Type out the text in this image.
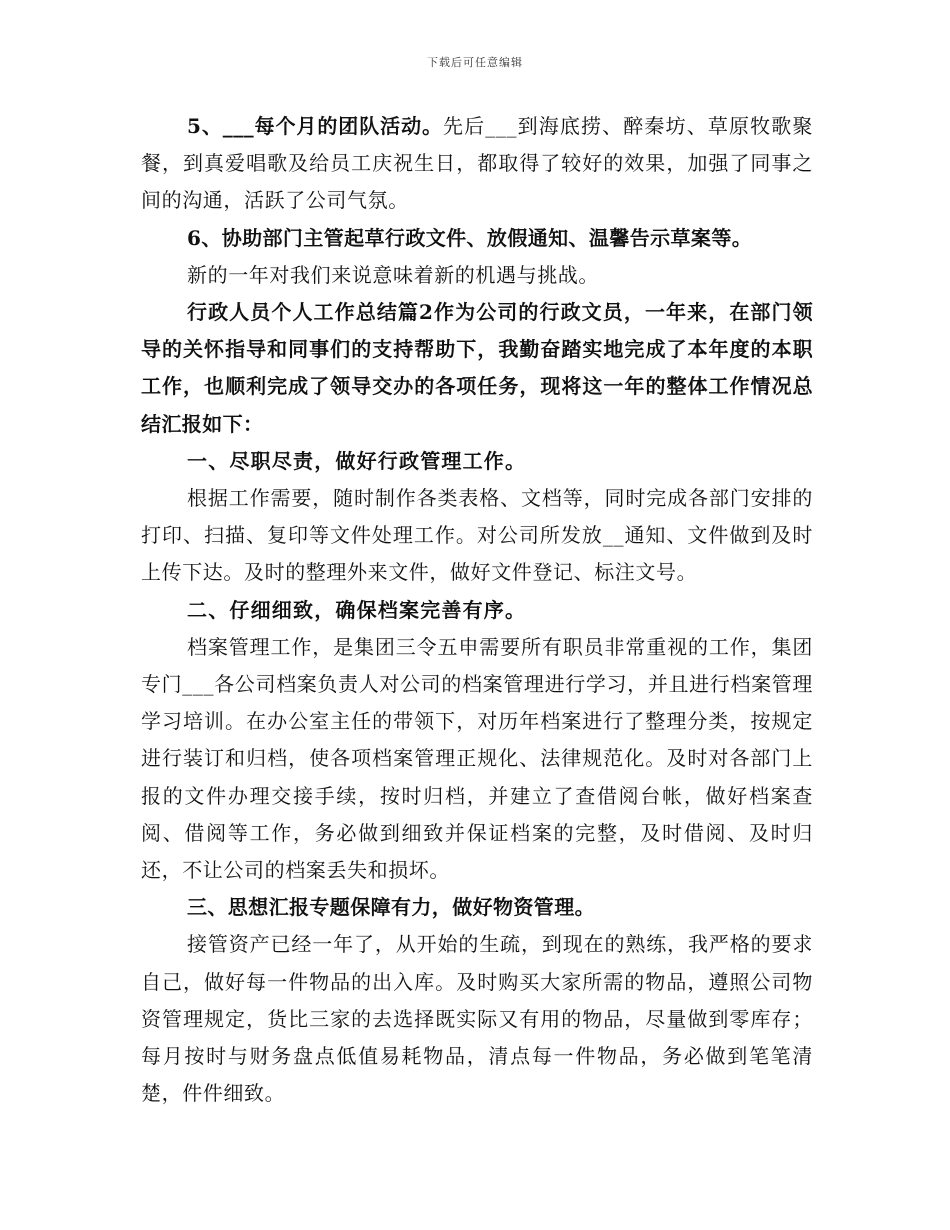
下载后可任意编辑

5、___每个月的团队活动。先后___到海底捞、醉秦坊、草原牧歌聚餐，到真爱唱歌及给员工庆祝生日，都取得了较好的效果，加强了同事之间的沟通，活跃了公司气氛。

6、协助部门主管起草行政文件、放假通知、温馨告示草案等。

新的一年对我们来说意味着新的机遇与挑战。

行政人员个人工作总结篇2作为公司的行政文员，一年来，在部门领导的关怀指导和同事们的支持帮助下，我勤奋踏实地完成了本年度的本职工作，也顺利完成了领导交办的各项任务，现将这一年的整体工作情况总结汇报如下：

一、尽职尽责，做好行政管理工作。

根据工作需要，随时制作各类表格、文档等，同时完成各部门安排的打印、扫描、复印等文件处理工作。对公司所发放__通知、文件做到及时上传下达。及时的整理外来文件，做好文件登记、标注文号。

二、仔细细致，确保档案完善有序。

档案管理工作，是集团三令五申需要所有职员非常重视的工作，集团专门___各公司档案负责人对公司的档案管理进行学习，并且进行档案管理学习培训。在办公室主任的带领下，对历年档案进行了整理分类，按规定进行装订和归档，使各项档案管理正规化、法律规范化。及时对各部门上报的文件办理交接手续，按时归档，并建立了查借阅台帐，做好档案查阅、借阅等工作，务必做到细致并保证档案的完整，及时借阅、及时归还，不让公司的档案丢失和损坏。

三、思想汇报专题保障有力，做好物资管理。

接管资产已经一年了，从开始的生疏，到现在的熟练，我严格的要求自己，做好每一件物品的出入库。及时购买大家所需的物品，遵照公司物资管理规定，货比三家的去选择既实际又有用的物品，尽量做到零库存；每月按时与财务盘点低值易耗物品，清点每一件物品，务必做到笔笔清楚，件件细致。
